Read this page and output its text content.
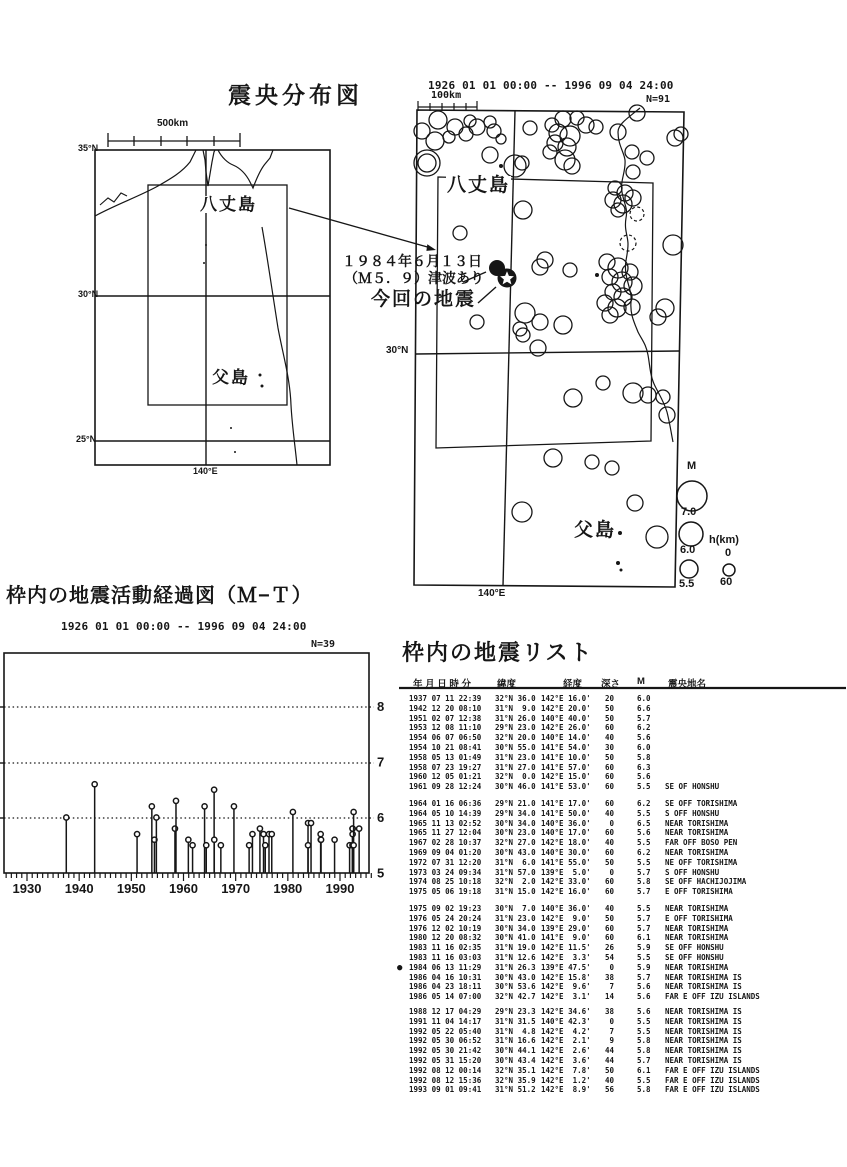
1930 1940 1950 1960 1970 1980 1990
8
7
6
5
震央分布図	1926 01 01 00:00 -- 1996 09 04 24:00
100km	N=91
八丈島
父島
30°N
140°E
M
7.0
6.0
5.5
h(km)
0
60
500km
35°N
30°N
25°N
140°E
八丈島
父島
１９８４年６月１３日
（Ｍ５．９）津波あり
今回の地震
枠内の地震活動経過図（Ｍ−Ｔ）
1926 01 01 00:00 -- 1996 09 04 24:00
N=39	枠内の地震リスト
年 月 日 時 分	緯度	経度 深さ M 震央地名
1937 07 11 22:39 32°N 36.0 142°E 16.0'	20	6.0
1942 12 20 08:10 31°N  9.0 142°E 20.0'	50	6.6
1951 02 07 12:38 31°N 26.0 140°E 40.0'	50	5.7
1953 12 08 11:10 29°N 23.0 142°E 26.0'	60	6.2
1954 06 07 06:50 32°N 20.0 140°E 14.0'	40	5.6
1954 10 21 08:41 30°N 55.0 141°E 54.0'	30	6.0
1958 05 13 01:49 31°N 23.0 141°E 10.0'	50	5.8
1958 07 23 19:27 31°N 27.0 141°E 57.0'	60	6.3
1960 12 05 01:21 32°N  0.0 142°E 15.0'	60	5.6
1961 09 28 12:24 30°N 46.0 141°E 53.0'	60	5.5 SE OF HONSHU
1964 01 16 06:36 29°N 21.0 141°E 17.0'	60	6.2 SE OFF TORISHIMA
1964 05 10 14:39 29°N 34.0 141°E 50.0'	40	5.5 S OFF HONSHU
1965 11 13 02:52 30°N 34.0 140°E 36.0'	0	6.5 NEAR TORISHIMA
1965 11 27 12:04 30°N 23.0 140°E 17.0'	60	5.6 NEAR TORISHIMA
1967 02 28 10:37 32°N 27.0 142°E 18.0'	40	5.5 FAR OFF BOSO PEN
1969 09 04 01:20 30°N 43.0 140°E 30.0'	60	6.2 NEAR TORISHIMA
1972 07 31 12:20 31°N  6.0 141°E 55.0'	50	5.5 NE OFF TORISHIMA
1973 03 24 09:34 31°N 57.0 139°E  5.0'	0	5.7 S OFF HONSHU
1974 08 25 10:18 32°N  2.0 142°E 33.0'	60	5.8 SE OFF HACHIJOJIMA
1975 05 06 19:18 31°N 15.0 142°E 16.0'	60	5.7 E OFF TORISHIMA
1975 09 02 19:23 30°N  7.0 140°E 36.0'	40	5.5 NEAR TORISHIMA
1976 05 24 20:24 31°N 23.0 142°E  9.0'	50	5.7 E OFF TORISHIMA
1976 12 02 10:19 30°N 34.0 139°E 29.0'	60	5.7 NEAR TORISHIMA
1980 12 20 08:32 30°N 41.0 141°E  9.0'	60	6.1 NEAR TORISHIMA
1983 11 16 02:35 31°N 19.0 142°E 11.5'	26	5.9 SE OFF HONSHU
1983 11 16 03:03 31°N 12.6 142°E  3.3'	54	5.5 SE OFF HONSHU
1984 06 13 11:29 31°N 26.3 139°E 47.5'	0	5.9 NEAR TORISHIMA
●
1986 04 16 10:31 30°N 43.0 142°E 15.8'	38	5.7 NEAR TORISHIMA IS
1986 04 23 18:11 30°N 53.6 142°E  9.6'	7	5.6 NEAR TORISHIMA IS
1986 05 14 07:00 32°N 42.7 142°E  3.1'	14	5.6 FAR E OFF IZU ISLANDS
1988 12 17 04:29 29°N 23.3 142°E 34.6'	38	5.6 NEAR TORISHIMA IS
1991 11 04 14:17 31°N 31.5 140°E 42.3'	0	5.5 NEAR TORISHIMA IS
1992 05 22 05:40 31°N  4.8 142°E  4.2'	7	5.5 NEAR TORISHIMA IS
1992 05 30 06:52 31°N 16.6 142°E  2.1'	9	5.8 NEAR TORISHIMA IS
1992 05 30 21:42 30°N 44.1 142°E  2.6'	44	5.8 NEAR TORISHIMA IS
1992 05 31 15:20 30°N 43.4 142°E  3.6'	44	5.7 NEAR TORISHIMA IS
1992 08 12 00:14 32°N 35.1 142°E  7.8'	50	6.1 FAR E OFF IZU ISLANDS
1992 08 12 15:36 32°N 35.9 142°E  1.2'	40	5.5 FAR E OFF IZU ISLANDS
1993 09 01 09:41 31°N 51.2 142°E  8.9'	56	5.8 FAR E OFF IZU ISLANDS
